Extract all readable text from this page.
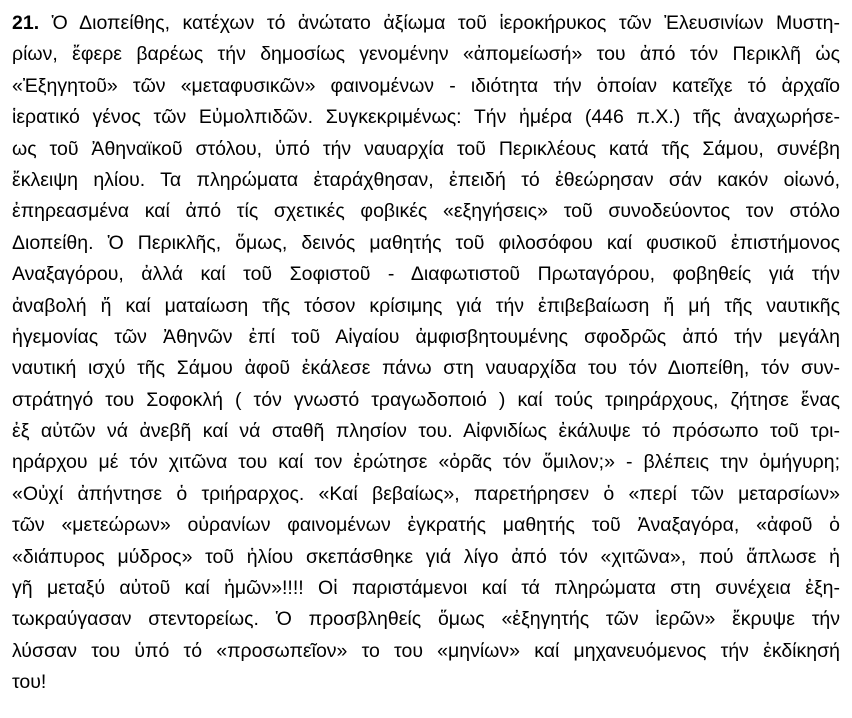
21. Ὁ Διοπείθης, κατέχων τό ἀνώτατο ἀξίωμα τοῦ ἱεροκήρυκος τῶν Ἐλευσινίων Μυστη-
ρίων, ἔφερε βαρέως τήν δημοσίως γενομένην «ἀπομείωσή» του ἀπό τόν Περικλῆ ὡς
«Ἐξηγητοῦ» τῶν «μεταφυσικῶν» φαινομένων - ιδιότητα τήν ὁποίαν κατεῖχε τό ἀρχαῖο
ἱερατικό γένος τῶν Εὐμολπιδῶν. Συγκεκριμένως: Τήν ἡμέρα (446 π.Χ.) τῆς ἀναχωρήσε-
ως τοῦ Ἀθηναϊκοῦ στόλου, ὑπό τήν ναυαρχία τοῦ Περικλέους κατά τῆς Σάμου, συνέβη
ἔκλειψη ηλίου. Τα πληρώματα ἐταράχθησαν, ἐπειδή τό ἐθεώρησαν σάν κακόν οἰωνό,
ἐπηρεασμένα καί ἀπό τίς σχετικές φοβικές «εξηγήσεις» τοῦ συνοδεύοντος τον στόλο
Διοπείθη. Ὁ Περικλῆς, ὅμως, δεινός μαθητής τοῦ φιλοσόφου καί φυσικοῦ ἐπιστήμονος
Αναξαγόρου, ἀλλά καί τοῦ Σοφιστοῦ - Διαφωτιστοῦ Πρωταγόρου, φοβηθείς γιά τήν
ἀναβολή ἤ καί ματαίωση τῆς τόσον κρίσιμης γιά τήν ἐπιβεβαίωση ἤ μή τῆς ναυτικῆς
ἡγεμονίας τῶν Ἀθηνῶν ἐπί τοῦ Αἰγαίου ἀμφισβητουμένης σφοδρῶς ἀπό τήν μεγάλη
ναυτική ισχύ τῆς Σάμου ἀφοῦ ἐκάλεσε πάνω στη ναυαρχίδα του τόν Διοπείθη, τόν συν-
στράτηγό του Σοφοκλή ( τόν γνωστό τραγωδοποιό ) καί τούς τριηράρχους, ζήτησε ἕνας
ἐξ αὐτῶν νά ἀνεβῆ καί νά σταθῆ πλησίον του. Αἰφνιδίως ἐκάλυψε τό πρόσωπο τοῦ τρι-
ηράρχου μέ τόν χιτῶνα του καί τον ἐρώτησε «ὁρᾶς τόν ὅμιλον;» - βλέπεις την ὁμήγυρη;
«Οὐχί ἀπήντησε ὁ τριήραρχος. «Καί βεβαίως», παρετήρησεν ὁ «περί τῶν μεταρσίων»
τῶν «μετεώρων» οὐρανίων φαινομένων ἐγκρατής μαθητής τοῦ Ἀναξαγόρα, «ἀφοῦ ὁ
«διάπυρος μύδρος» τοῦ ἡλίου σκεπάσθηκε γιά λίγο ἀπό τόν «χιτῶνα», πού ἅπλωσε ἡ
γῆ μεταξύ αὐτοῦ καί ἡμῶν»!!!! Οἱ παριστάμενοι καί τά πληρώματα στη συνέχεια ἐξη-
τωκραύγασαν στεντορείως. Ὁ προσβληθείς ὅμως «ἐξηγητής τῶν ἱερῶν» ἔκρυψε τήν
λύσσαν του ὑπό τό «προσωπεῖον» το του «μηνίων» καί μηχανευόμενος τήν ἐκδίκησή
του!
